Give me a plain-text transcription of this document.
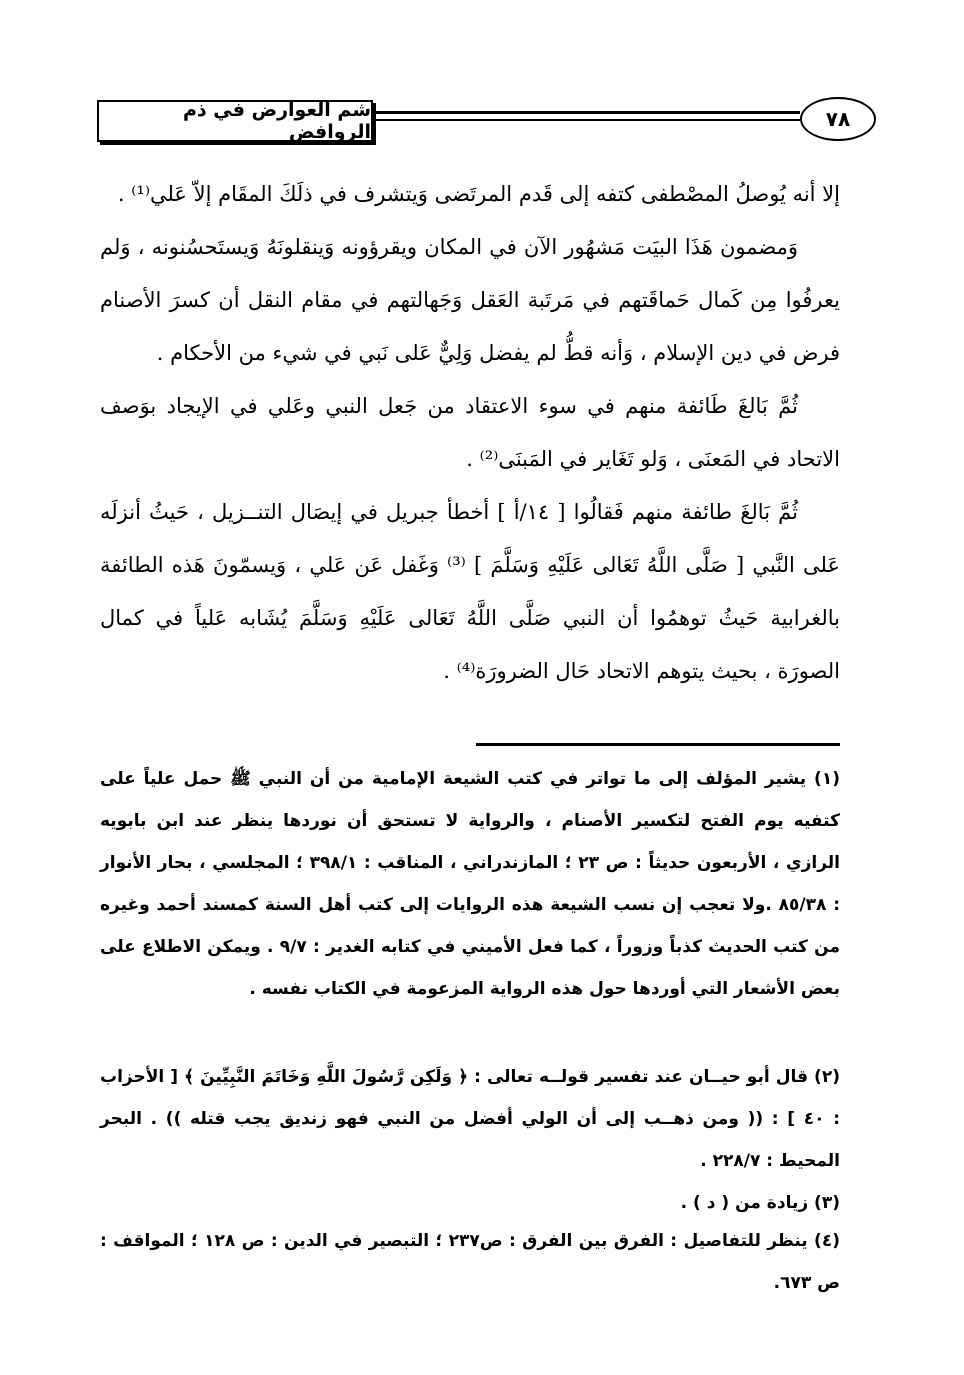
شم العوارض في ذم الروافض
٧٨

إلا أنه يُوصلُ المصْطفى كتفه إلى قَدم المرتَضى وَيتشرف في ذلَكَ المقَام إلاّ عَلي⁽¹⁾ .

وَمضمون هَذَا البيَت مَشهُور الآن في المكان ويقرؤونه وَينقلونَهُ وَيستَحسُنونه ، وَلم يعرفُوا مِن كَمال حَماقَتهم في مَرتَبة العَقل وَجَهالتهم في مقام النقل أن كسرَ الأصنام فرض في دين الإسلام ، وَأنه قطُّ لم يفضل وَلِيٌّ عَلى نَبي في شيء من الأحكام .

ثُمَّ بَالغَ طَائفة منهم في سوء الاعتقاد من جَعل النبي وعَلي في الإيجاد بوَصف الاتحاد في المَعنَى ، وَلو تَغَاير في المَبنَى⁽²⁾ .

ثُمَّ بَالغَ طائفة منهم فَقالُوا [ ١٤/أ ] أخطأ جبريل في إيصَال التنــزيل ، حَيثُ أنزلَه عَلى النَّبي [ صَلَّى اللَّهُ تَعَالى عَلَيْهِ وَسَلَّمَ ] ⁽³⁾ وَغَفل عَن عَلي ، وَيسمّونَ هَذه الطائفة بالغرابية حَيثُ توهمُوا أن النبي صَلَّى اللَّهُ تَعَالى عَلَيْهِ وَسَلَّمَ يُشَابه عَلياً في كمال الصورَة ، بحيث يتوهم الاتحاد حَال الضرورَة⁽⁴⁾ .

(١) يشير المؤلف إلى ما تواتر في كتب الشيعة الإمامية من أن النبي ﷺ حمل علياً على كتفيه يوم الفتح لتكسير الأصنام ، والرواية لا تستحق أن نوردها ينظر عند ابن بابويه الرازي ، الأربعون حديثاً : ص ٢٣ ؛ المازندراني ، المناقب : ٣٩٨/١ ؛ المجلسي ، بحار الأنوار : ٨٥/٣٨ .ولا تعجب إن نسب الشيعة هذه الروايات إلى كتب أهل السنة كمسند أحمد وغيره من كتب الحديث كذباً وزوراً ، كما فعل الأميني في كتابه الغدير : ٩/٧ . ويمكن الاطلاع على بعض الأشعار التي أوردها حول هذه الرواية المزعومة في الكتاب نفسه .

(٢) قال أبو حيــان عند تفسير قولــه تعالى : ﴿ وَلَكِن رَّسُولَ اللَّهِ وَخَاتَمَ النَّبِيِّينَ ﴾ [ الأحزاب : ٤٠ ] : (( ومن ذهــب إلى أن الولي أفضل من النبي فهو زنديق يجب قتله )) . البحر المحيط : ٢٢٨/٧ .

(٣) زيادة من ( د ) .

(٤) ينظر للتفاصيل : الفرق بين الفرق : ص٢٣٧ ؛ التبصير في الدين : ص ١٢٨ ؛ المواقف : ص ٦٧٣.
